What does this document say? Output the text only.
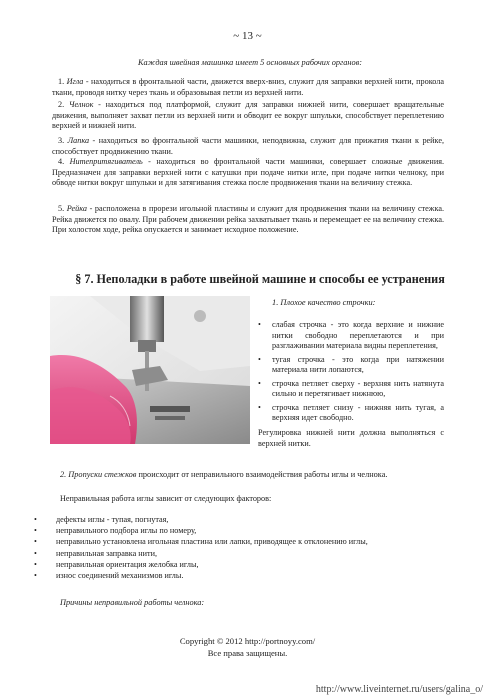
~ 13 ~
Каждая швейная машинка имеет 5 основных рабочих органов:
1. Игла - находиться в фронтальной части, движется вверх-вниз, служит для заправки верхней нити, прокола ткани, проводя нитку через ткань и образовывая петли из верхней нити.
2. Челнок - находиться под платформой, служит для заправки нижней нити, совершает вращательные движения, выполняет захват петли из верхней нити и обводит ее вокруг шпульки, способствует переплетению верхней и нижней нити.
3. Лапка - находиться во фронтальной части машинки, неподвижна, служит для прижатия ткани к рейке, способствует продвижению ткани.
4. Нитепритягиватель - находиться во фронтальной части машинки, совершает сложные движения. Предназначен для заправки верхней нити с катушки при подаче нитки игле, при подаче нитки челноку, при обводе нитки вокруг шпульки и для затягивания стежка после продвижения ткани на величину стежка.
5. Рейка - расположена в прорези игольной пластины и служит для продвижения ткани на величину стежка. Рейка движется по овалу. При рабочем движении рейка захватывает ткань и перемещает ее на величину стежка. При холостом ходе, рейка опускается и занимает исходное положение.
§ 7. Неполадки в работе швейной машине и способы ее устранения
1. Плохое качество строчки:
• слабая строчка - это когда верхние и нижние нитки свободно переплетаются и при разглаживании материала видны переплетения,
• тугая строчка - это когда при натяжении материала нити лопаются,
• строчка петляет сверху - верхняя нить натянута сильно и перетягивает нижнюю,
• строчка петляет снизу - нижняя нить тугая, а верхняя идет свободно.
Регулировка нижней нити должна выполняться с верхней нитки.
2. Пропуски стежков происходит от неправильного взаимодействия работы иглы и челнока.
Неправильная работа иглы зависит от следующих факторов:
• дефекты иглы - тупая, погнутая,
• неправильного подбора иглы по номеру,
• неправильно установлена игольная пластина или лапки, приводящее к отклонению иглы,
• неправильная заправка нити,
• неправильная ориентация желобка иглы,
• износ соединений механизмов иглы.
Причины неправильной работы челнока:
Copyright © 2012 http://portnoyy.com/
Все права защищены.
http://www.liveinternet.ru/users/galina_o/
